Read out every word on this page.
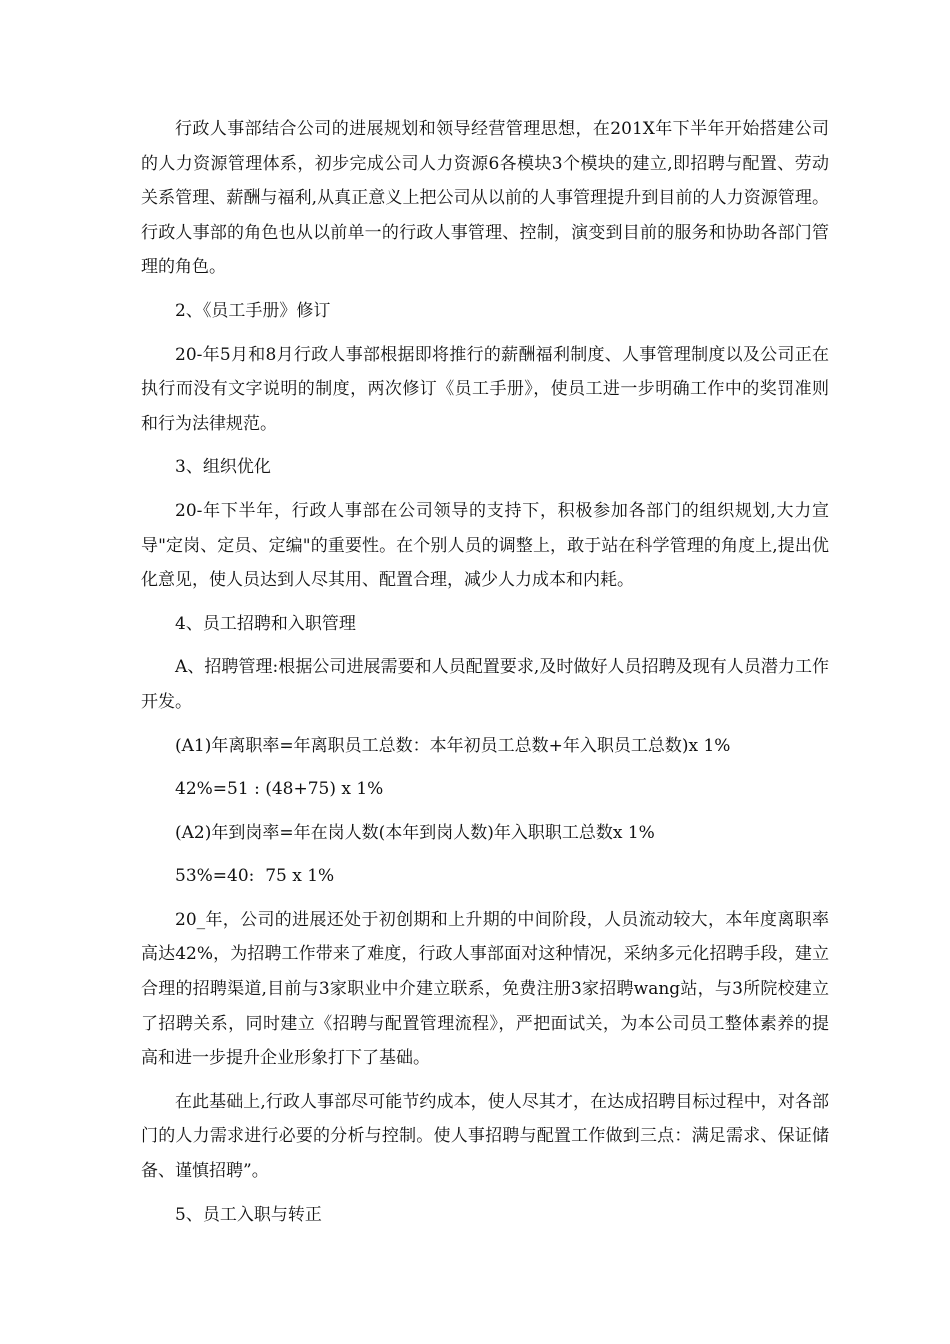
行政人事部结合公司的进展规划和领导经营管理思想，在201X年下半年开始搭建公司的人力资源管理体系，初步完成公司人力资源6各模块3个模块的建立,即招聘与配置、劳动关系管理、薪酬与福利,从真正意义上把公司从以前的人事管理提升到目前的人力资源管理。行政人事部的角色也从以前单一的行政人事管理、控制，演变到目前的服务和协助各部门管理的角色。

2、《员工手册》修订

20-年5月和8月行政人事部根据即将推行的薪酬福利制度、人事管理制度以及公司正在执行而没有文字说明的制度，两次修订《员工手册》，使员工进一步明确工作中的奖罚准则和行为法律规范。

3、组织优化

20-年下半年，行政人事部在公司领导的支持下，积极参加各部门的组织规划,大力宣导"定岗、定员、定编"的重要性。在个别人员的调整上，敢于站在科学管理的角度上,提出优化意见，使人员达到人尽其用、配置合理，减少人力成本和内耗。

4、员工招聘和入职管理

A、招聘管理:根据公司进展需要和人员配置要求,及时做好人员招聘及现有人员潜力工作开发。

(A1)年离职率=年离职员工总数：本年初员工总数+年入职员工总数)x 1%

42%=51 : (48+75) x 1%

(A2)年到岗率=年在岗人数(本年到岗人数)年入职职工总数x 1%

53%=40:  75 x 1%

20_年，公司的进展还处于初创期和上升期的中间阶段，人员流动较大，本年度离职率高达42%，为招聘工作带来了难度，行政人事部面对这种情况，采纳多元化招聘手段，建立合理的招聘渠道,目前与3家职业中介建立联系，免费注册3家招聘wang站，与3所院校建立了招聘关系，同时建立《招聘与配置管理流程》，严把面试关，为本公司员工整体素养的提高和进一步提升企业形象打下了基础。

在此基础上,行政人事部尽可能节约成本，使人尽其才，在达成招聘目标过程中，对各部门的人力需求进行必要的分析与控制。使人事招聘与配置工作做到三点：满足需求、保证储备、谨慎招聘”。

5、员工入职与转正
